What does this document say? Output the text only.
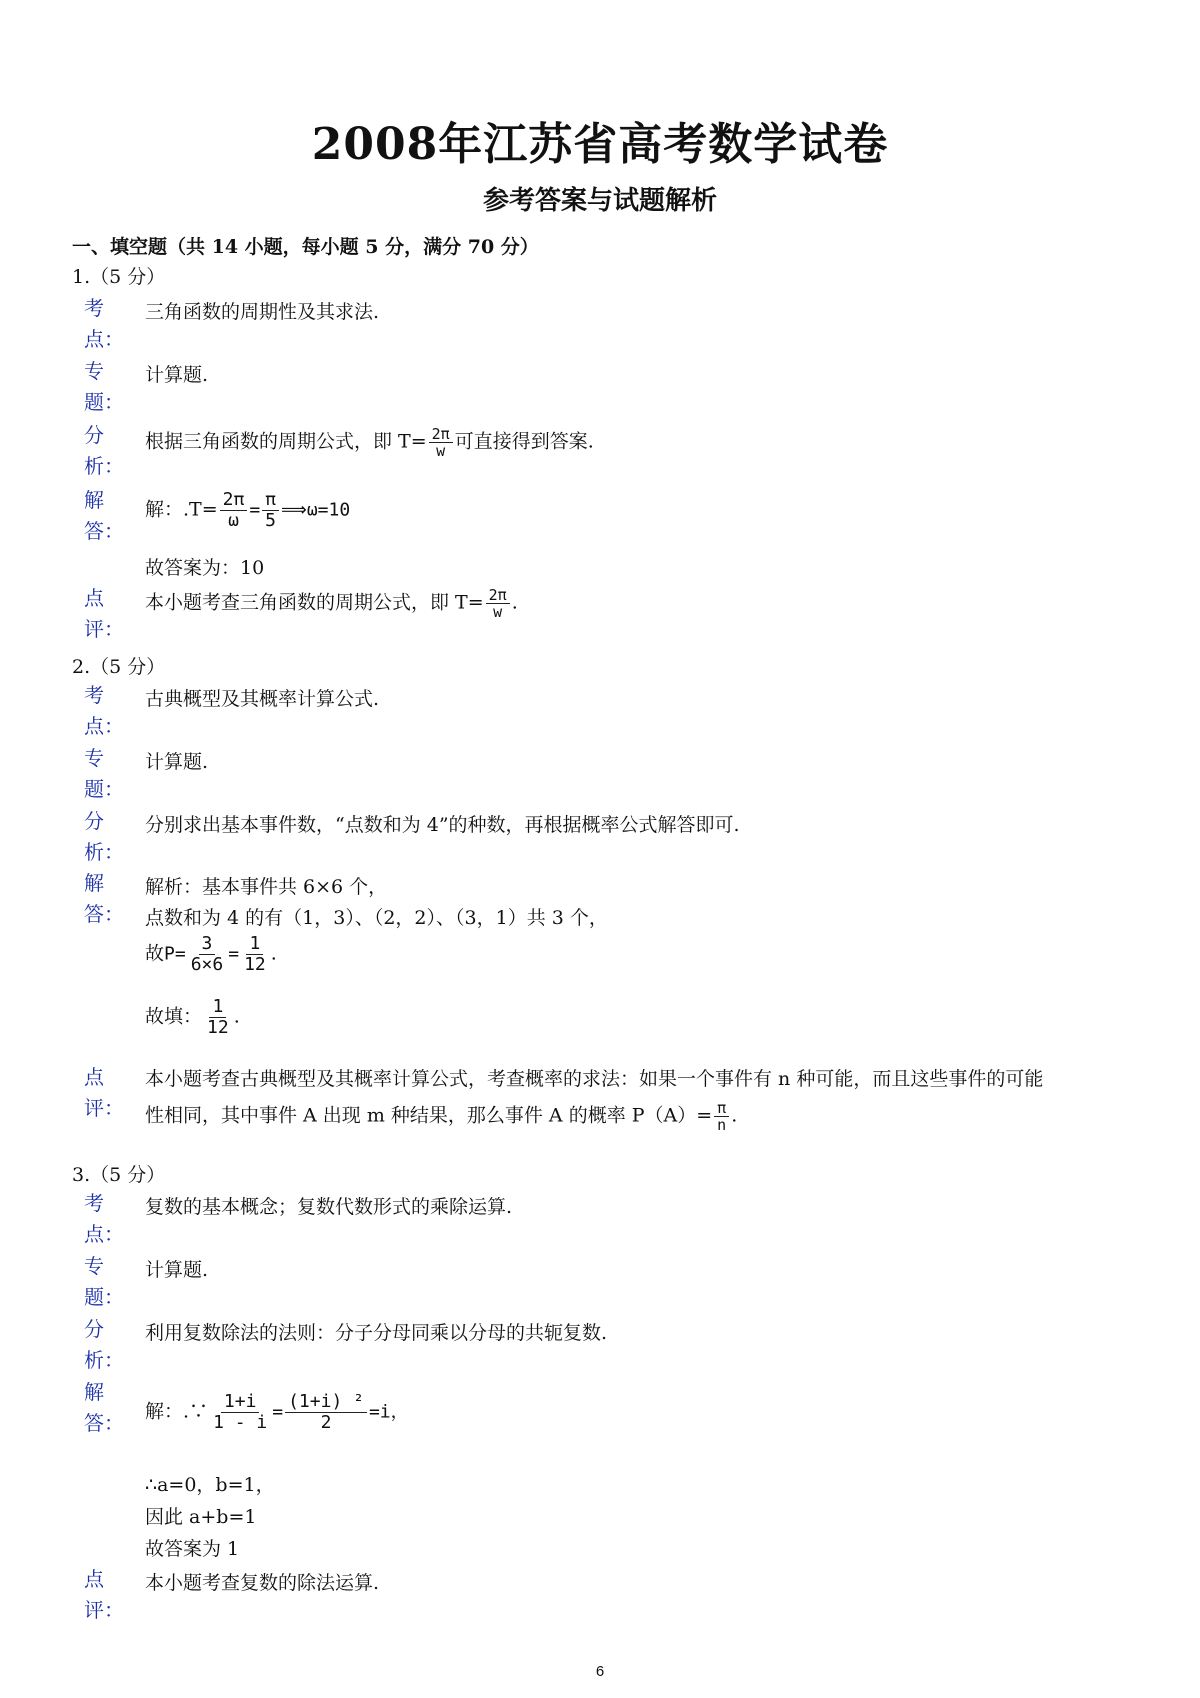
2008年江苏省高考数学试卷
参考答案与试题解析
一、填空题（共 14 小题，每小题 5 分，满分 70 分）
1.（5 分）
考
点：
三角函数的周期性及其求法.
专
题：
计算题.
分
析：
根据三角函数的周期公式，即 $T= \frac{2\pi}{w}$ 可直接得到答案.
解
答：
解：$.T= \frac{2\pi}{\omega} = \frac{\pi}{5}$ ⟹ω=10
故答案为：10
点
评：
本小题考查三角函数的周期公式，即 $T= \frac{2\pi}{w}$ .
2.（5 分）
考
点：
古典概型及其概率计算公式.
专
题：
计算题.
分
析：
分别求出基本事件数，“点数和为 4”的种数，再根据概率公式解答即可.
解
答：
解析：基本事件共 6×6 个，
点数和为 4 的有（1，3）、（2，2）、（3，1）共 3 个，
故$P= \frac{3}{6\times 6} = \frac{1}{12}$ .
故填： $\frac{1}{12}$ .
点
评：
本小题考查古典概型及其概率计算公式，考查概率的求法：如果一个事件有 n 种可能，而且这些事件的可能
性相同，其中事件 A 出现 m 种结果，那么事件 A 的概率 $P(A)= \frac{\pi}{n}$ .
3.（5 分）
考
点：
复数的基本概念；复数代数形式的乘除运算.
专
题：
计算题.
分
析：
利用复数除法的法则：分子分母同乘以分母的共轭复数.
解
答： 解：.∵ $\frac{1+i}{1 - i} = \frac{\text{(1+i) ²}}{2} =i$，
∴a=0，b=1，
因此 a+b=1
故答案为 1
点
评：
本小题考查复数的除法运算.
6
